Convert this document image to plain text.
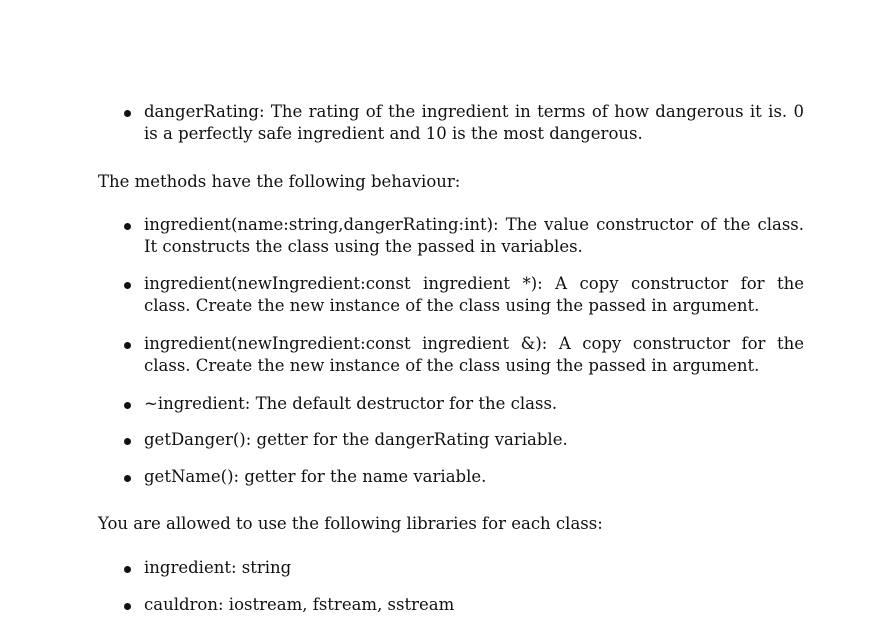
dangerRating: The rating of the ingredient in terms of how dangerous it is. 0 is a perfectly safe ingredient and 10 is the most dangerous.
The methods have the following behaviour:
ingredient(name:string,dangerRating:int): The value constructor of the class. It constructs the class using the passed in variables.
ingredient(newIngredient:const ingredient *): A copy constructor for the class. Create the new instance of the class using the passed in argument.
ingredient(newIngredient:const ingredient &): A copy constructor for the class. Create the new instance of the class using the passed in argument.
~ingredient: The default destructor for the class.
getDanger(): getter for the dangerRating variable.
getName(): getter for the name variable.
You are allowed to use the following libraries for each class:
ingredient: string
cauldron: iostream, fstream, sstream
